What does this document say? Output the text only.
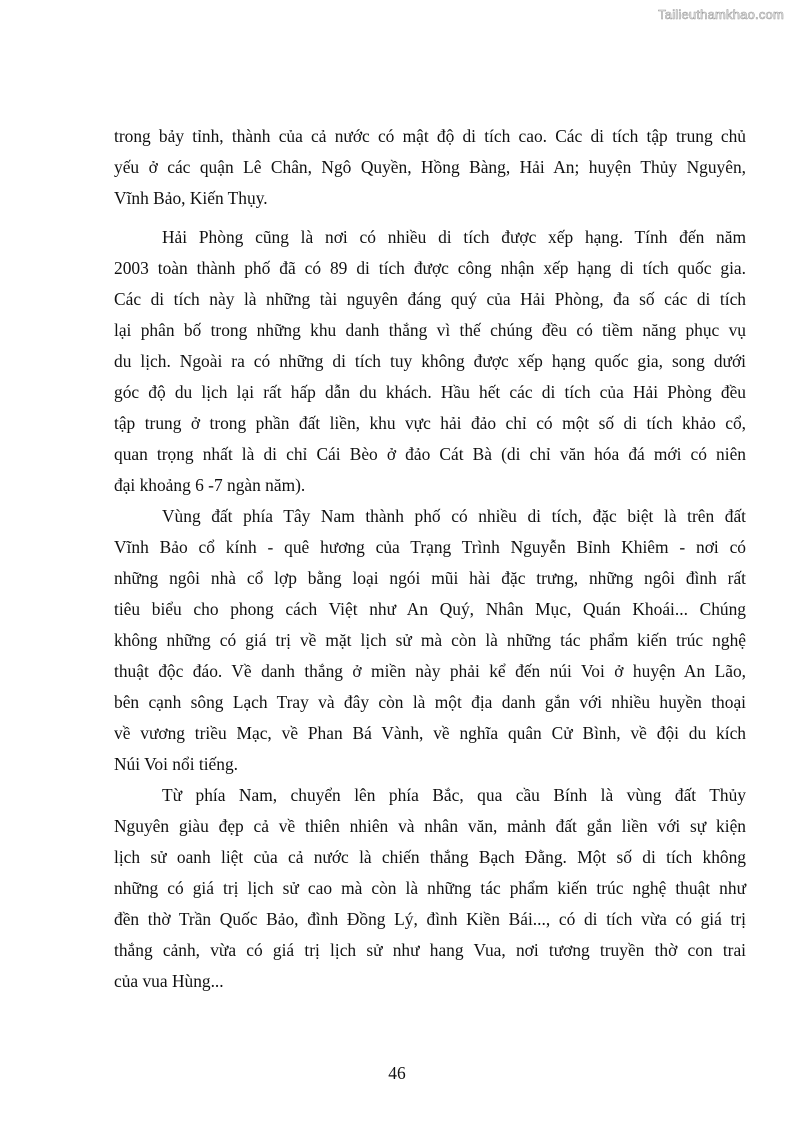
Tailieuthamkhao.com
trong bảy tỉnh, thành của cả nước có mật độ di tích cao. Các di tích tập trung chủ
yếu ở các quận Lê Chân, Ngô Quyền, Hồng Bàng, Hải An; huyện Thủy Nguyên,
Vĩnh Bảo, Kiến Thụy.
Hải Phòng cũng là nơi có nhiều di tích được xếp hạng. Tính đến năm
2003 toàn thành phố đã có 89 di tích được công nhận xếp hạng di tích quốc gia.
Các di tích này là những tài nguyên đáng quý của Hải Phòng, đa số các di tích
lại phân bố trong những khu danh thắng vì thế chúng đều có tiềm năng phục vụ
du lịch. Ngoài ra có những di tích tuy không được xếp hạng quốc gia, song dưới
góc độ du lịch lại rất hấp dẫn du khách. Hầu hết các di tích của Hải Phòng đều
tập trung ở trong phần đất liền, khu vực hải đảo chỉ có một số di tích khảo cổ,
quan trọng nhất là di chỉ Cái Bèo ở đảo Cát Bà (di chỉ văn hóa đá mới có niên
đại khoảng 6 -7 ngàn năm).
Vùng đất phía Tây Nam thành phố có nhiều di tích, đặc biệt là trên đất
Vĩnh Bảo cổ kính - quê hương của Trạng Trình Nguyễn Bỉnh Khiêm - nơi có
những ngôi nhà cổ lợp bằng loại ngói mũi hài đặc trưng, những ngôi đình rất
tiêu biểu cho phong cách Việt như An Quý, Nhân Mục, Quán Khoái... Chúng
không những có giá trị về mặt lịch sử mà còn là những tác phẩm kiến trúc nghệ
thuật độc đáo. Về danh thắng ở miền này phải kể đến núi Voi ở huyện An Lão,
bên cạnh sông Lạch Tray và đây còn là một địa danh gắn với nhiều huyền thoại
về vương triều Mạc, về Phan Bá Vành, về nghĩa quân Cử Bình, về đội du kích
Núi Voi nổi tiếng.
Từ phía Nam, chuyển lên phía Bắc, qua cầu Bính là vùng đất Thủy
Nguyên giàu đẹp cả về thiên nhiên và nhân văn, mảnh đất gắn liền với sự kiện
lịch sử oanh liệt của cả nước là chiến thắng Bạch Đằng. Một số di tích không
những có giá trị lịch sử cao mà còn là những tác phẩm kiến trúc nghệ thuật như
đền thờ Trần Quốc Bảo, đình Đồng Lý, đình Kiền Bái..., có di tích vừa có giá trị
thắng cảnh, vừa có giá trị lịch sử như hang Vua, nơi tương truyền thờ con trai
của vua Hùng...
46
